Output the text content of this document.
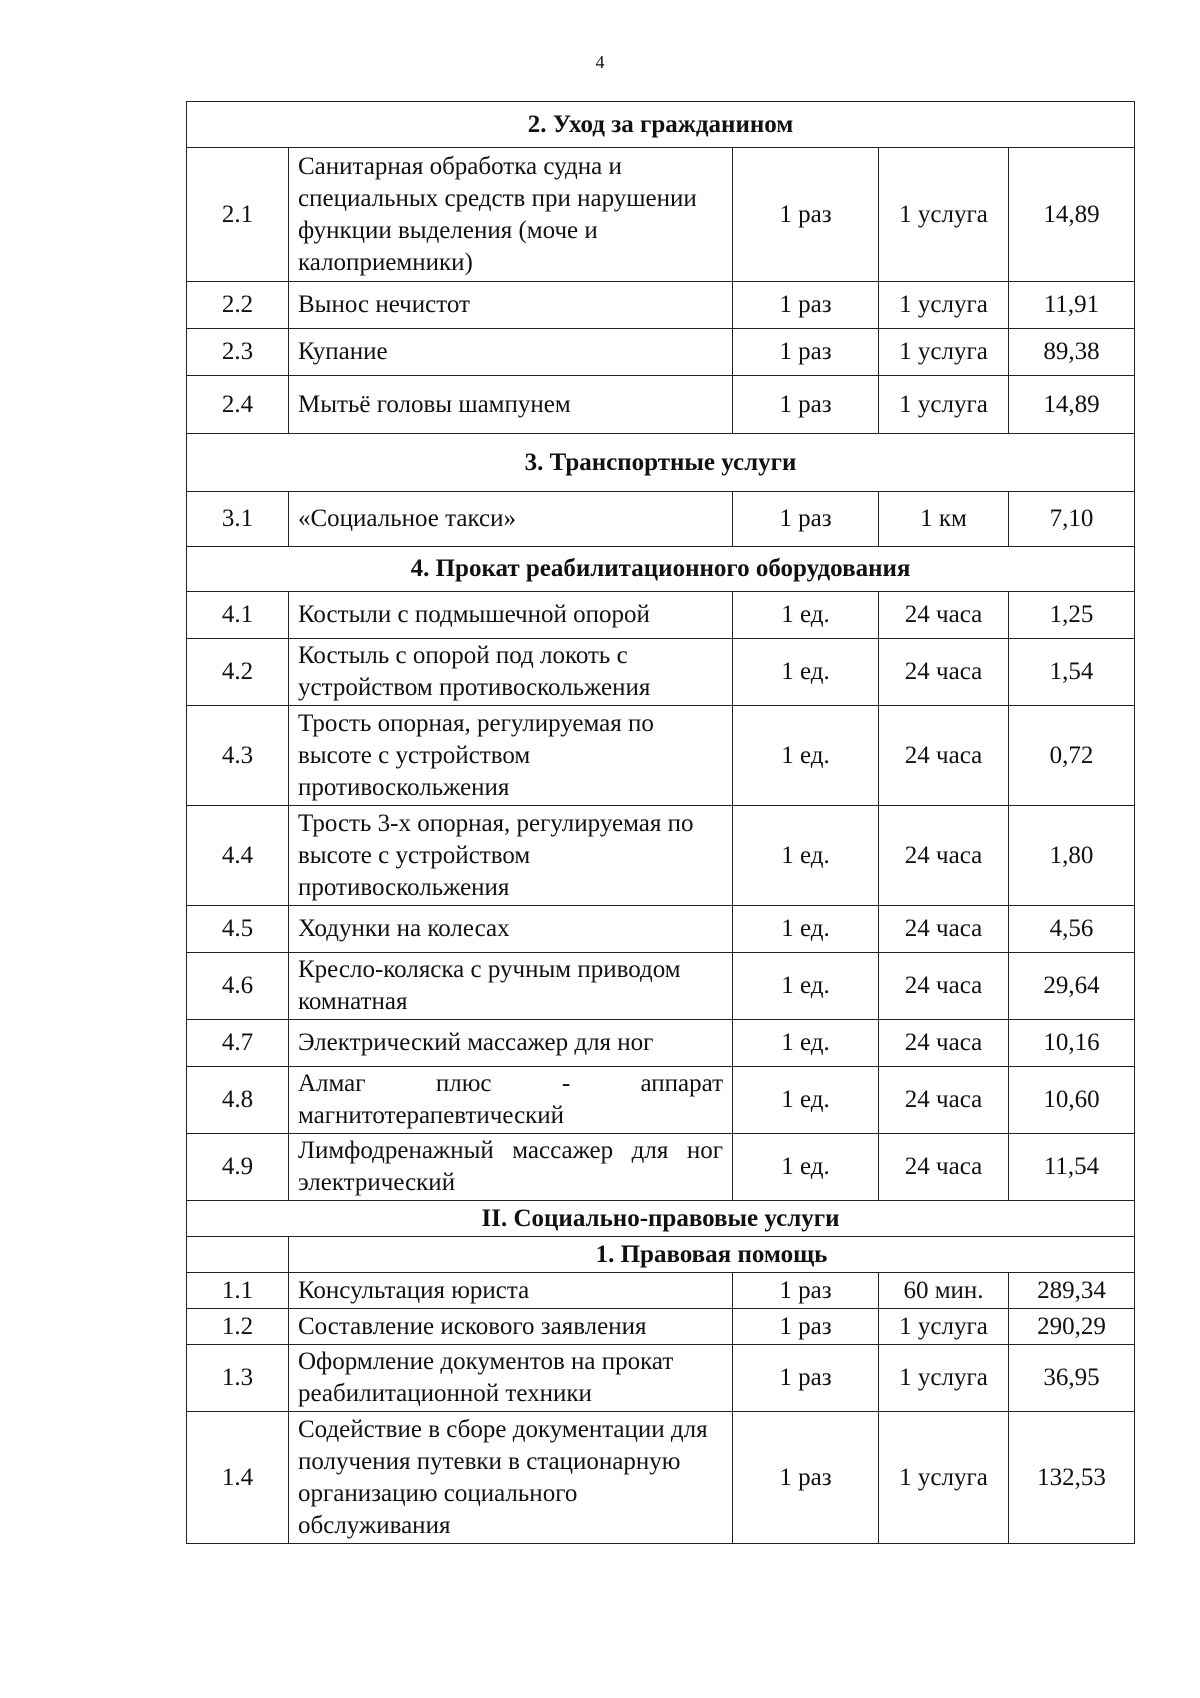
4
2. Уход за гражданином				
2.1	Санитарная обработка судна и специальных средств при нарушении функции выделения (моче и калоприемники)	1 раз	1 услуга	14,89
2.2	Вынос нечистот	1 раз	1 услуга	11,91
2.3	Купание	1 раз	1 услуга	89,38
2.4	Мытьё головы шампунем	1 раз	1 услуга	14,89
3. Транспортные услуги				
3.1	«Социальное такси»	1 раз	1 км	7,10
4. Прокат реабилитационного оборудования				
4.1	Костыли с подмышечной опорой	1 ед.	24 часа	1,25
4.2	Костыль с опорой под локоть с устройством противоскольжения	1 ед.	24 часа	1,54
4.3	Трость опорная, регулируемая по высоте с устройством противоскольжения	1 ед.	24 часа	0,72
4.4	Трость 3-х опорная, регулируемая по высоте с устройством противоскольжения	1 ед.	24 часа	1,80
4.5	Ходунки на колесах	1 ед.	24 часа	4,56
4.6	Кресло-коляска с ручным приводом комнатная	1 ед.	24 часа	29,64
4.7	Электрический массажер для ног	1 ед.	24 часа	10,16
4.8	Алмаг плюс - аппарат магнитотерапевтический	1 ед.	24 часа	10,60
4.9	Лимфодренажный массажер для ног электрический	1 ед.	24 часа	11,54
II. Социально-правовые услуги				
	1. Правовая помощь			
1.1	Консультация юриста	1 раз	60 мин.	289,34
1.2	Составление искового заявления	1 раз	1 услуга	290,29
1.3	Оформление документов на прокат реабилитационной техники	1 раз	1 услуга	36,95
1.4	Содействие в сборе документации для получения путевки в стационарную организацию социального обслуживания	1 раз	1 услуга	132,53
